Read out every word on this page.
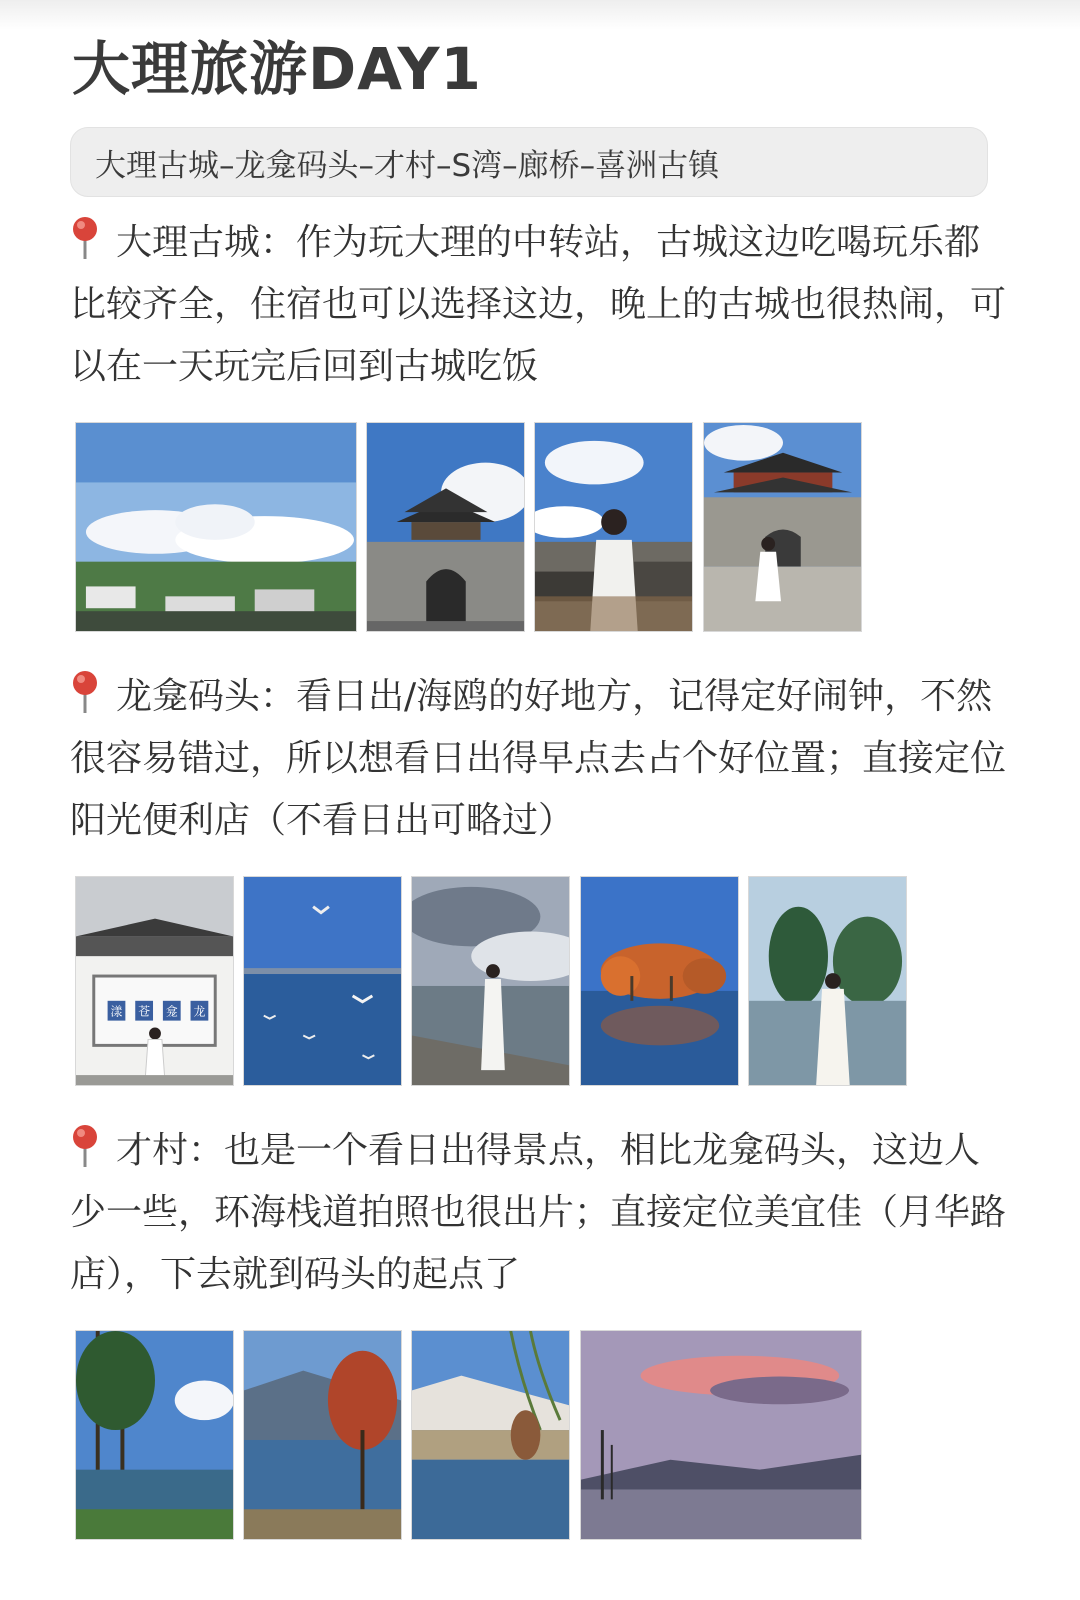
大理旅游DAY1
大理古城–龙龛码头–才村–S湾–廊桥–喜洲古镇

大理古城：作为玩大理的中转站，古城这边吃喝玩乐都比较齐全，住宿也可以选择这边，晚上的古城也很热闹，可以在一天玩完后回到古城吃饭

龙龛码头：看日出/海鸥的好地方，记得定好闹钟，不然很容易错过，所以想看日出得早点去占个好位置；直接定位阳光便利店（不看日出可略过）

漾 苍 龛 龙

才村：也是一个看日出得景点，相比龙龛码头，这边人少一些，环海栈道拍照也很出片；直接定位美宜佳（月华路店），下去就到码头的起点了
